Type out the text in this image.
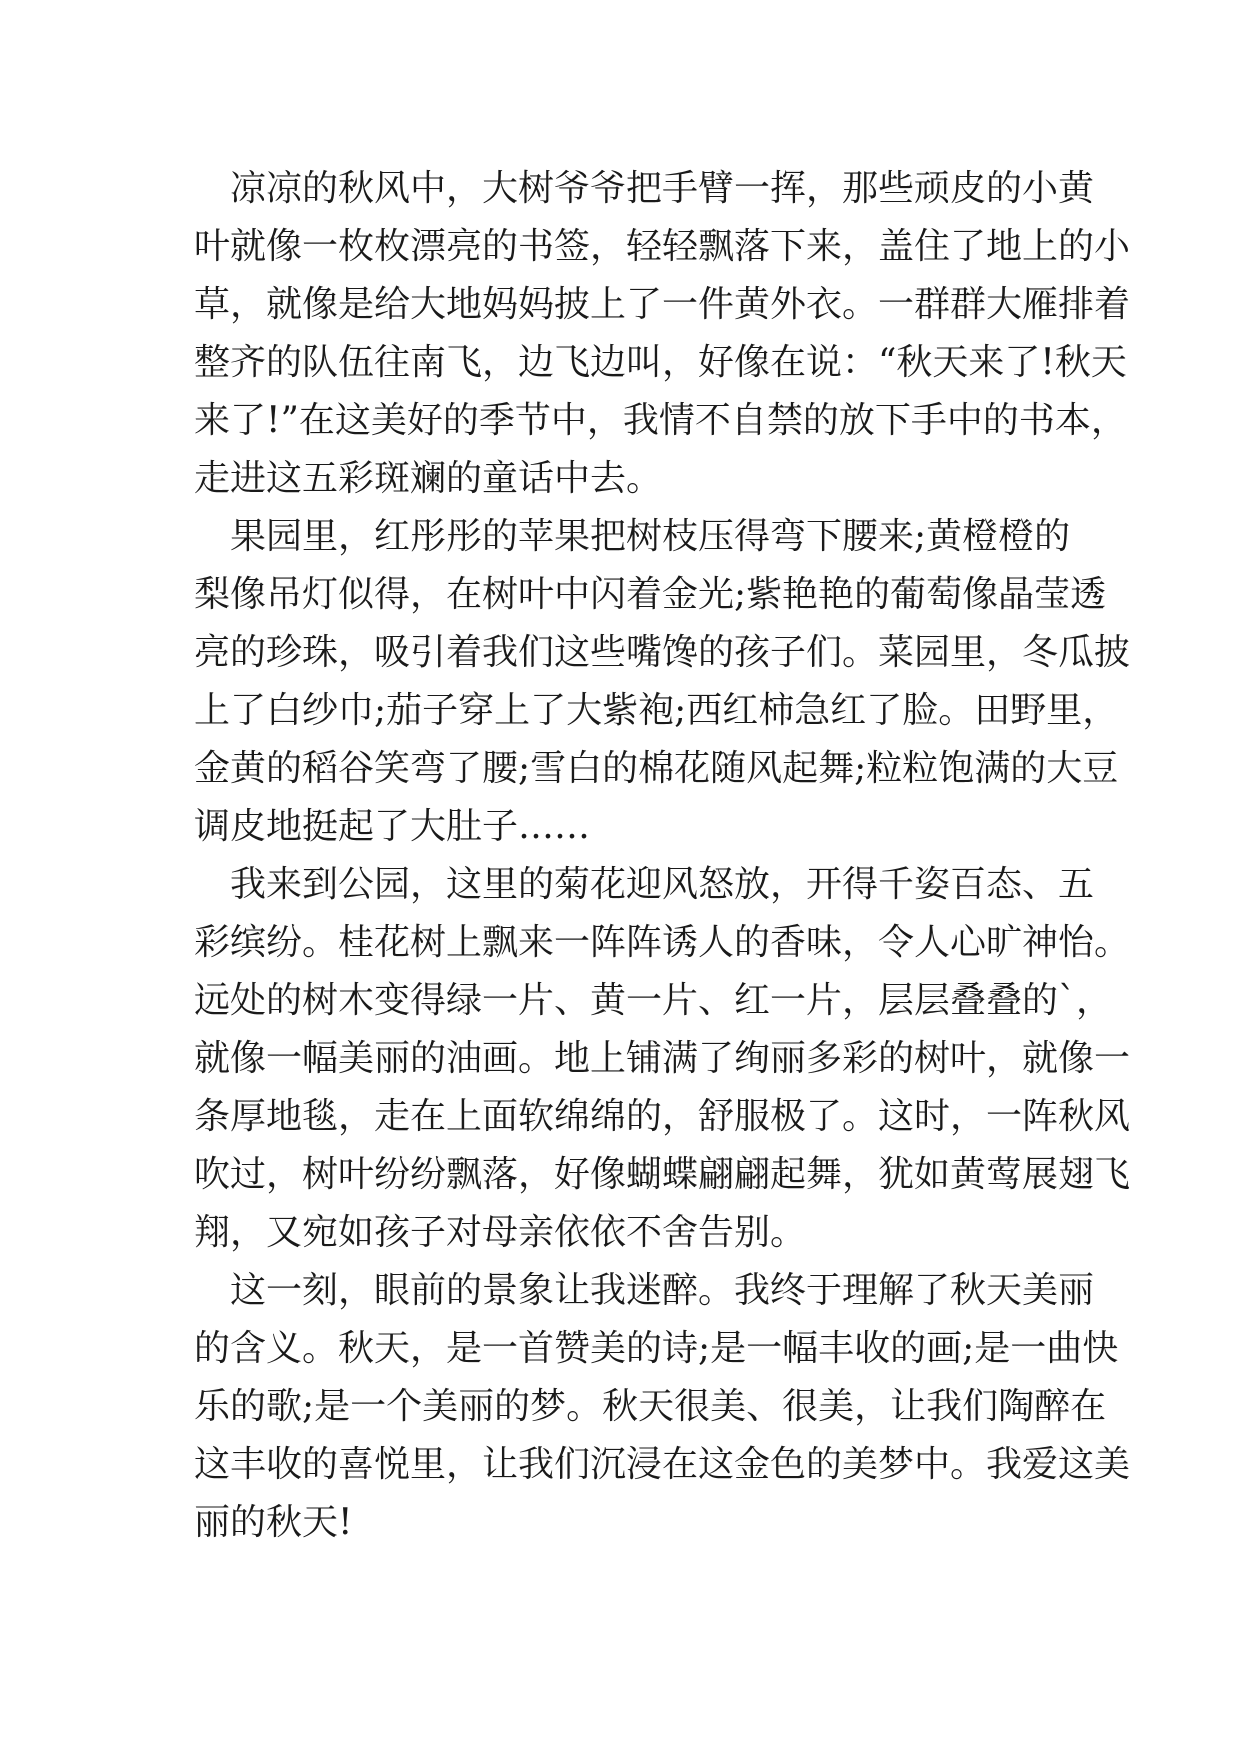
凉凉的秋风中，大树爷爷把手臂一挥，那些顽皮的小黄
叶就像一枚枚漂亮的书签，轻轻飘落下来，盖住了地上的小
草，就像是给大地妈妈披上了一件黄外衣。一群群大雁排着
整齐的队伍往南飞，边飞边叫，好像在说：“秋天来了!秋天
来了!”在这美好的季节中，我情不自禁的放下手中的书本，
走进这五彩斑斓的童话中去。
果园里，红彤彤的苹果把树枝压得弯下腰来;黄橙橙的
梨像吊灯似得，在树叶中闪着金光;紫艳艳的葡萄像晶莹透
亮的珍珠，吸引着我们这些嘴馋的孩子们。菜园里，冬瓜披
上了白纱巾;茄子穿上了大紫袍;西红柿急红了脸。田野里，
金黄的稻谷笑弯了腰;雪白的棉花随风起舞;粒粒饱满的大豆
调皮地挺起了大肚子……
我来到公园，这里的菊花迎风怒放，开得千姿百态、五
彩缤纷。桂花树上飘来一阵阵诱人的香味，令人心旷神怡。
远处的树木变得绿一片、黄一片、红一片，层层叠叠的`，
就像一幅美丽的油画。地上铺满了绚丽多彩的树叶，就像一
条厚地毯，走在上面软绵绵的，舒服极了。这时，一阵秋风
吹过，树叶纷纷飘落，好像蝴蝶翩翩起舞，犹如黄莺展翅飞
翔，又宛如孩子对母亲依依不舍告别。
这一刻，眼前的景象让我迷醉。我终于理解了秋天美丽
的含义。秋天，是一首赞美的诗;是一幅丰收的画;是一曲快
乐的歌;是一个美丽的梦。秋天很美、很美，让我们陶醉在
这丰收的喜悦里，让我们沉浸在这金色的美梦中。我爱这美
丽的秋天!
